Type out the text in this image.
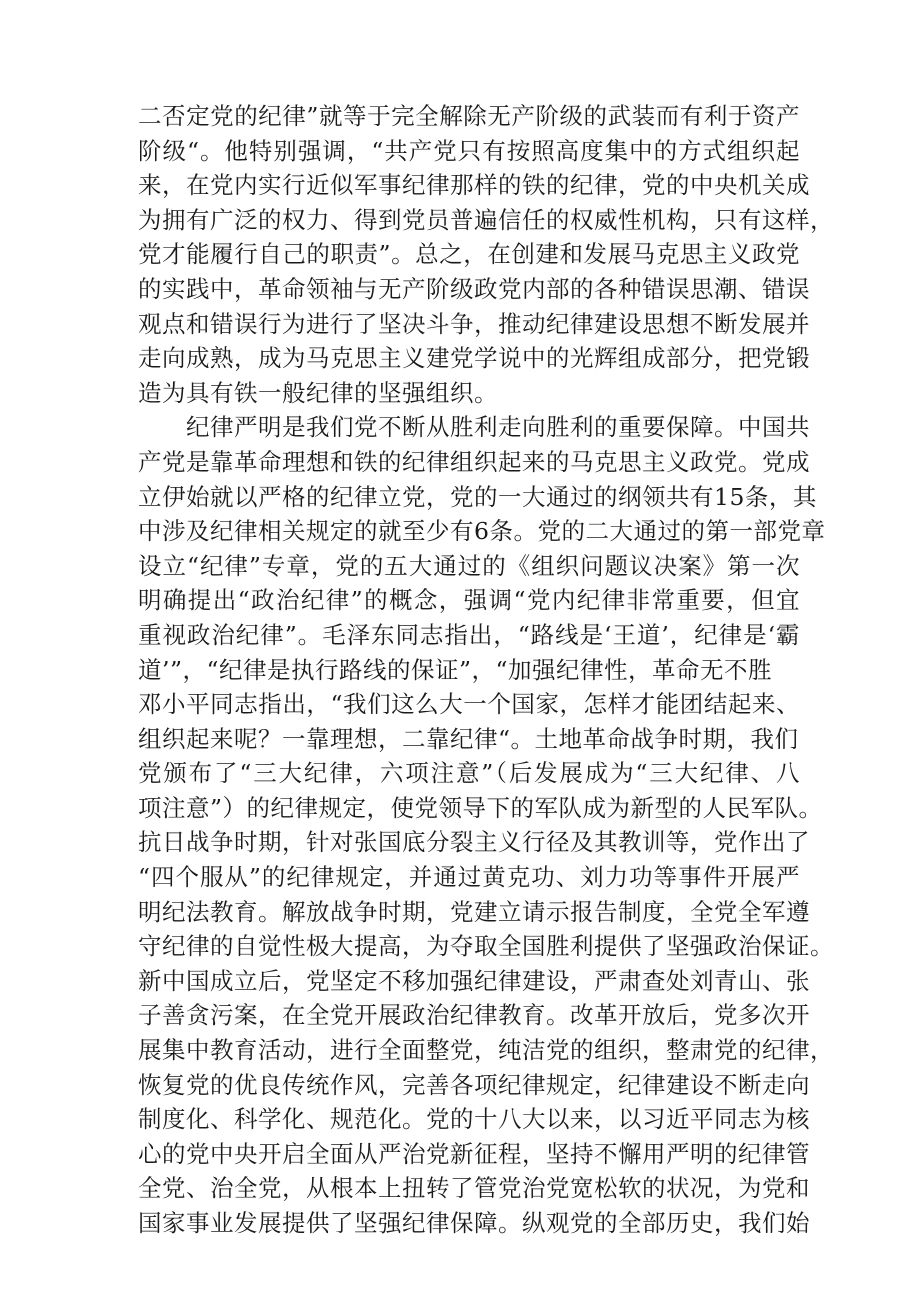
二否定党的纪律”就等于完全解除无产阶级的武装而有利于资产
阶级“。他特别强调，“共产党只有按照高度集中的方式组织起
来，在党内实行近似军事纪律那样的铁的纪律，党的中央机关成
为拥有广泛的权力、得到党员普遍信任的权威性机构，只有这样，
党才能履行自己的职责”。总之，在创建和发展马克思主义政党
的实践中，革命领袖与无产阶级政党内部的各种错误思潮、错误
观点和错误行为进行了坚决斗争，推动纪律建设思想不断发展并
走向成熟，成为马克思主义建党学说中的光辉组成部分，把党锻
造为具有铁一般纪律的坚强组织。
纪律严明是我们党不断从胜利走向胜利的重要保障。中国共
产党是靠革命理想和铁的纪律组织起来的马克思主义政党。党成
立伊始就以严格的纪律立党，党的一大通过的纲领共有15条，其
中涉及纪律相关规定的就至少有6条。党的二大通过的第一部党章
设立“纪律”专章，党的五大通过的《组织问题议决案》第一次
明确提出“政治纪律”的概念，强调“党内纪律非常重要，但宜
重视政治纪律”。毛泽东同志指出，“路线是‘王道’，纪律是‘霸
道’”，“纪律是执行路线的保证”，“加强纪律性，革命无不胜
邓小平同志指出，“我们这么大一个国家，怎样才能团结起来、
组织起来呢？一靠理想，二靠纪律“。土地革命战争时期，我们
党颁布了“三大纪律，六项注意”（后发展成为“三大纪律、八
项注意”）的纪律规定，使党领导下的军队成为新型的人民军队。
抗日战争时期，针对张国底分裂主义行径及其教训等，党作出了
“四个服从”的纪律规定，并通过黄克功、刘力功等事件开展严
明纪法教育。解放战争时期，党建立请示报告制度，全党全军遵
守纪律的自觉性极大提高，为夺取全国胜利提供了坚强政治保证。
新中国成立后，党坚定不移加强纪律建设，严肃查处刘青山、张
子善贪污案，在全党开展政治纪律教育。改革开放后，党多次开
展集中教育活动，进行全面整党，纯洁党的组织，整肃党的纪律，
恢复党的优良传统作风，完善各项纪律规定，纪律建设不断走向
制度化、科学化、规范化。党的十八大以来，以习近平同志为核
心的党中央开启全面从严治党新征程，坚持不懈用严明的纪律管
全党、治全党，从根本上扭转了管党治党宽松软的状况，为党和
国家事业发展提供了坚强纪律保障。纵观党的全部历史，我们始
